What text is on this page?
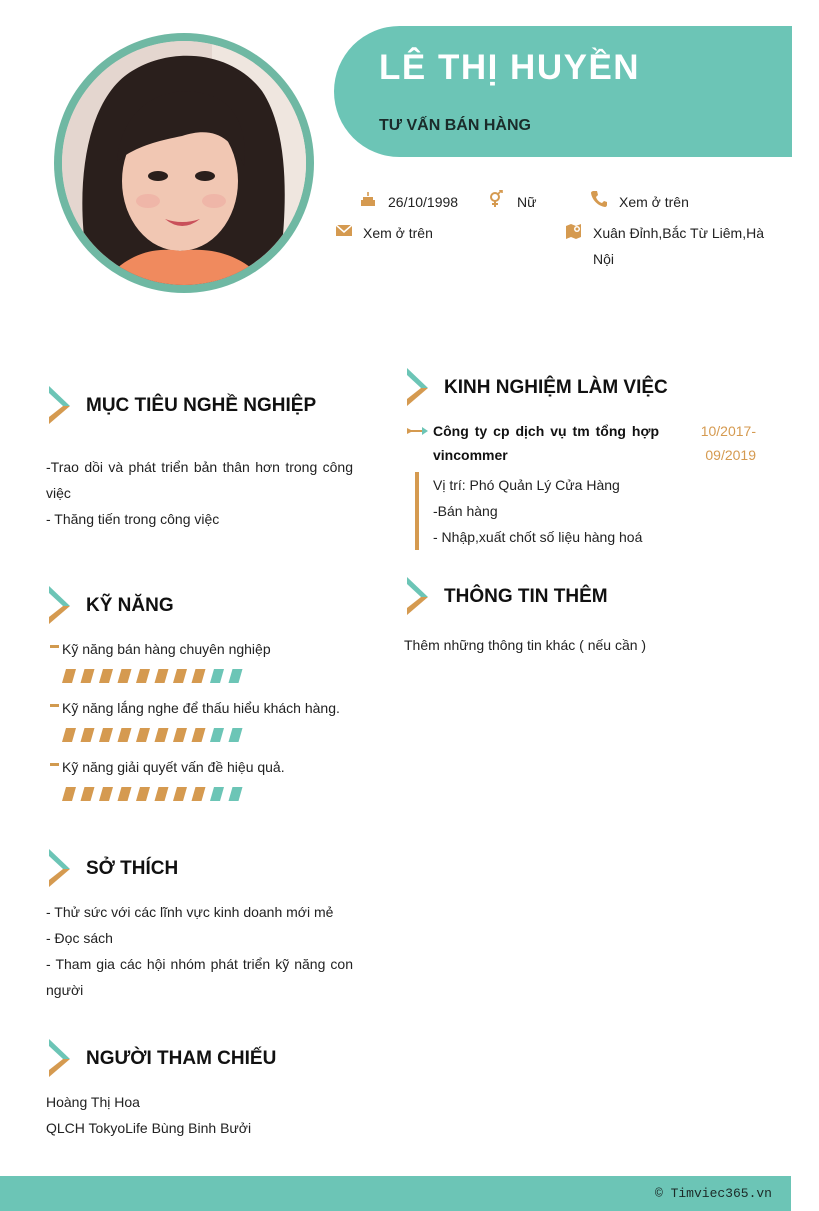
LÊ THỊ HUYỀN
TƯ VẤN BÁN HÀNG
26/10/1998	Nữ	Xem ở trên
Xem ở trên	Xuân Đỉnh,Bắc Từ Liêm,Hà
Nội
MỤC TIÊU NGHỀ NGHIỆP
-Trao dồi và phát triển bản thân hơn trong công
việc
- Thăng tiến trong công việc
KỸ NĂNG
Kỹ năng bán hàng chuyên nghiệp
Kỹ năng lắng nghe để thấu hiểu khách hàng.
Kỹ năng giải quyết vấn đề hiệu quả.
SỞ THÍCH
- Thử sức với các lĩnh vực kinh doanh mới mẻ
- Đọc sách
- Tham gia các hội nhóm phát triển kỹ năng con
người
NGƯỜI THAM CHIẾU
Hoàng Thị Hoa
QLCH TokyoLife Bùng Binh Bưởi
KINH NGHIỆM LÀM VIỆC
Công ty cp dịch vụ tm tổng hợp
vincommer
10/2017-
09/2019
Vị trí: Phó Quản Lý Cửa Hàng
-Bán hàng
- Nhập,xuất chốt số liệu hàng hoá
THÔNG TIN THÊM
Thêm những thông tin khác ( nếu cần )
© Timviec365.vn
